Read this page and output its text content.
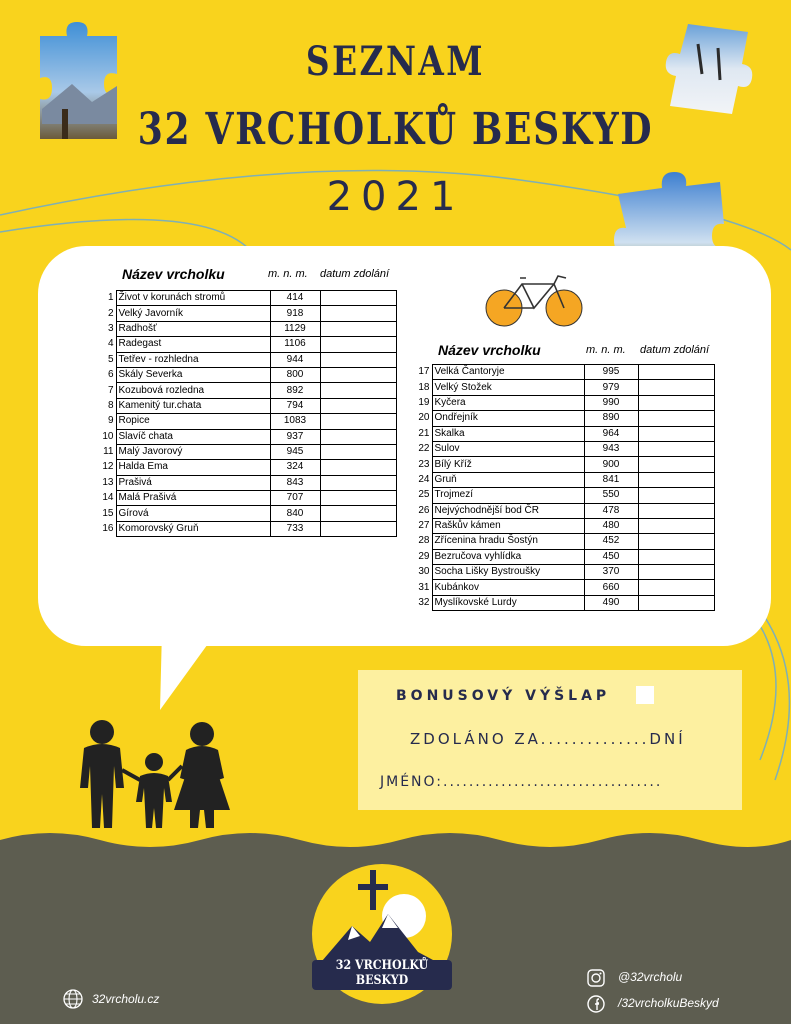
SEZNAM
32 VRCHOLKŮ BESKYD
2021
Název vrcholku	m. n. m. datum zdolání
1	Život v korunách stromů	414	
2	Velký Javorník	918	
3	Radhošť	1129	
4	Radegast	1106	
5	Tetřev - rozhledna	944	
6	Skály Severka	800	
7	Kozubová rozledna	892	
8	Kamenitý tur.chata	794	
9	Ropice	1083	
10	Slavíč chata	937	
11	Malý Javorový	945	
12	Halda Ema	324	
13	Prašivá	843	
14	Malá Prašivá	707	
15	Gírová	840	
16	Komorovský Gruň	733	
Název vrcholku	m. n. m. datum zdolání
17	Velká Čantoryje	995	
18	Velký Stožek	979	
19	Kyčera	990	
20	Ondřejník	890	
21	Skalka	964	
22	Sulov	943	
23	Bílý Kříž	900	
24	Gruň	841	
25	Trojmezí	550	
26	Nejvýchodnější bod ČR	478	
27	Raškův kámen	480	
28	Zřícenina hradu Šostýn	452	
29	Bezručova vyhlídka	450	
30	Socha Lišky Bystroušky	370	
31	Kubánkov	660	
32	Myslíkovské Lurdy	490	
BONUSOVÝ VÝŠLAP
ZDOLÁNO ZA..............DNÍ
JMÉNO:..................................
32 VRCHOLKŮ BESKYD
32vrcholu.cz
@32vrcholu
/32vrcholkuBeskyd
